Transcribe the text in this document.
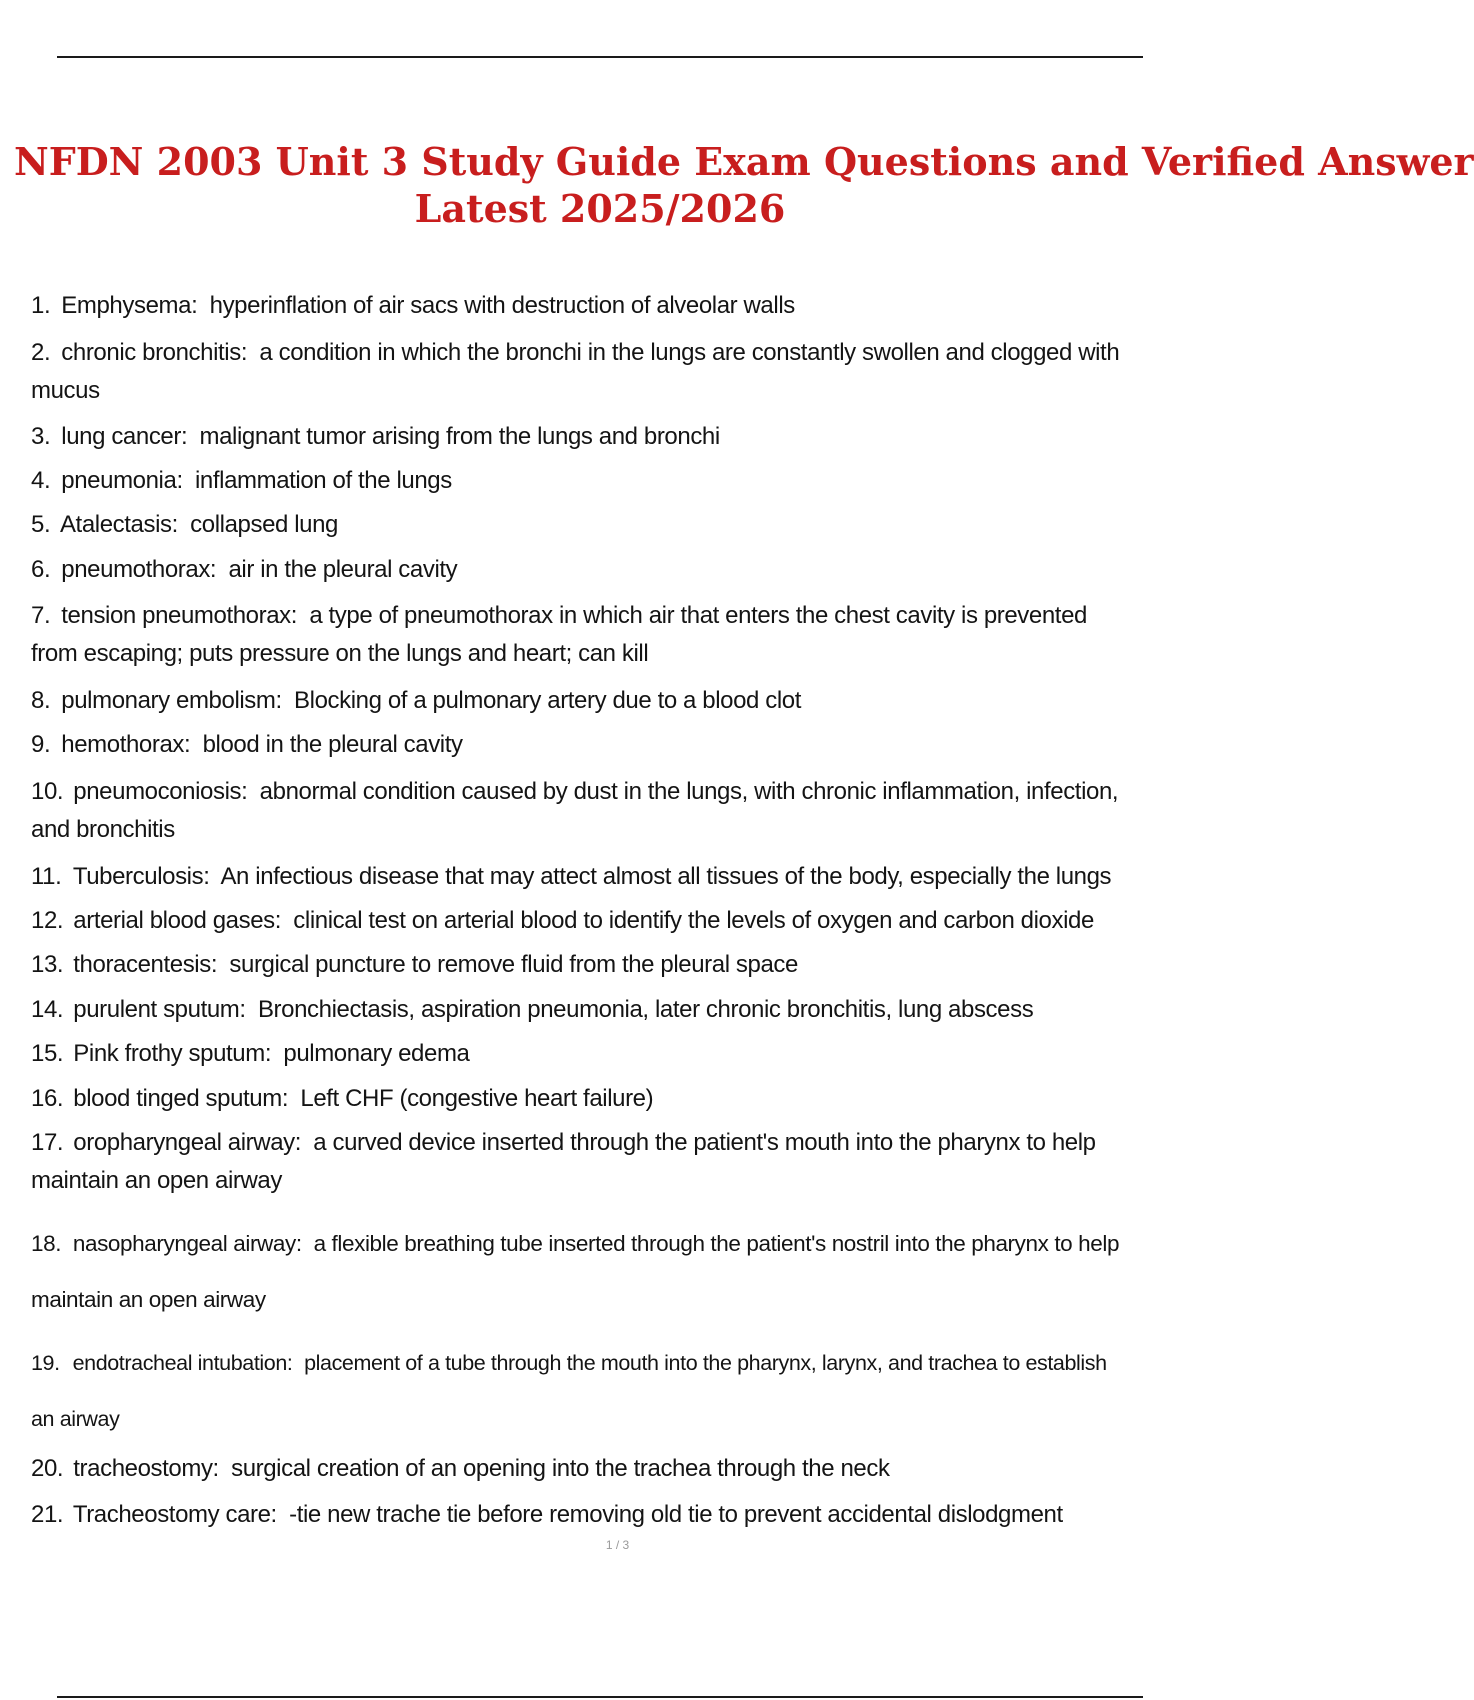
NFDN 2003 Unit 3 Study Guide Exam Questions and Verified Answer
Latest 2025/2026
1. Emphysema: hyperinflation of air sacs with destruction of alveolar walls
2. chronic bronchitis: a condition in which the bronchi in the lungs are constantly swollen and clogged with
mucus
3. lung cancer: malignant tumor arising from the lungs and bronchi
4. pneumonia: inflammation of the lungs
5. Atalectasis: collapsed lung
6. pneumothorax: air in the pleural cavity
7. tension pneumothorax: a type of pneumothorax in which air that enters the chest cavity is prevented
from escaping; puts pressure on the lungs and heart; can kill
8. pulmonary embolism: Blocking of a pulmonary artery due to a blood clot
9. hemothorax: blood in the pleural cavity
10. pneumoconiosis: abnormal condition caused by dust in the lungs, with chronic inflammation, infection,
and bronchitis
11. Tuberculosis: An infectious disease that may attect almost all tissues of the body, especially the lungs
12. arterial blood gases: clinical test on arterial blood to identify the levels of oxygen and carbon dioxide
13. thoracentesis: surgical puncture to remove fluid from the pleural space
14. purulent sputum: Bronchiectasis, aspiration pneumonia, later chronic bronchitis, lung abscess
15. Pink frothy sputum: pulmonary edema
16. blood tinged sputum: Left CHF (congestive heart failure)
17. oropharyngeal airway: a curved device inserted through the patient's mouth into the pharynx to help
maintain an open airway
18. nasopharyngeal airway: a flexible breathing tube inserted through the patient's nostril into the pharynx to help
maintain an open airway
19. endotracheal intubation: placement of a tube through the mouth into the pharynx, larynx, and trachea to establish
an airway
20. tracheostomy: surgical creation of an opening into the trachea through the neck
21. Tracheostomy care: -tie new trache tie before removing old tie to prevent accidental dislodgment
1 / 3
